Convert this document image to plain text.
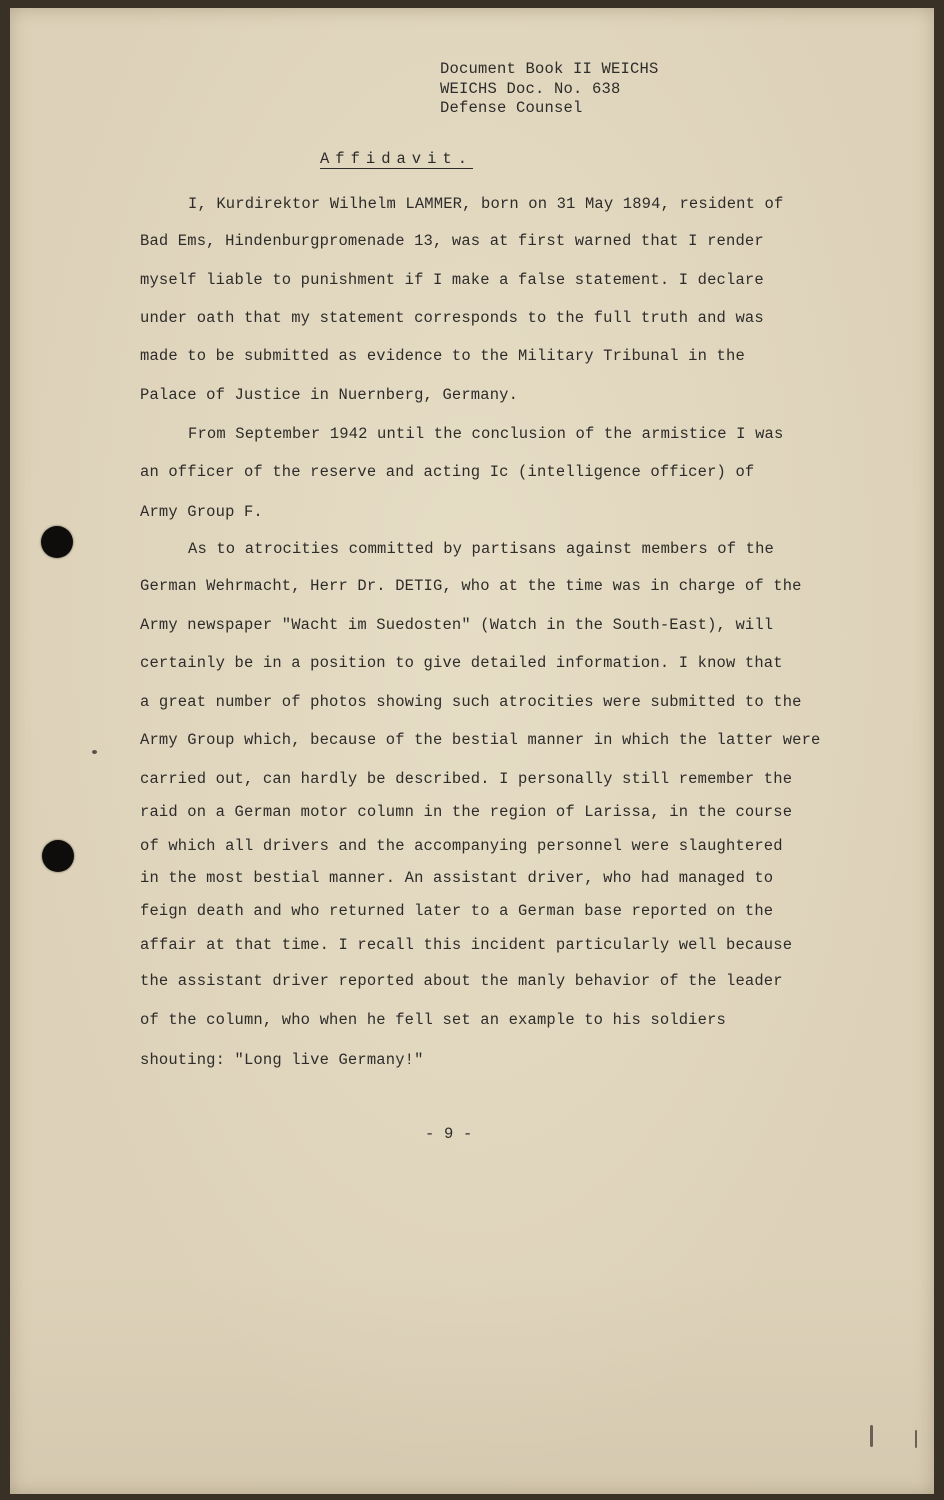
Document Book II WEICHS
WEICHS Doc. No. 638
Defense Counsel
Affidavit.
I, Kurdirektor Wilhelm LAMMER, born on 31 May 1894, resident of
Bad Ems, Hindenburgpromenade 13, was at first warned that I render
myself liable to punishment if I make a false statement. I declare
under oath that my statement corresponds to the full truth and was
made to be submitted as evidence to the Military Tribunal in the
Palace of Justice in Nuernberg, Germany.
From September 1942 until the conclusion of the armistice I was
an officer of the reserve and acting Ic (intelligence officer) of
Army Group F.
As to atrocities committed by partisans against members of the
German Wehrmacht, Herr Dr. DETIG, who at the time was in charge of the
Army newspaper "Wacht im Suedosten" (Watch in the South-East), will
certainly be in a position to give detailed information. I know that
a great number of photos showing such atrocities were submitted to the
Army Group which, because of the bestial manner in which the latter were
carried out, can hardly be described. I personally still remember the
raid on a German motor column in the region of Larissa, in the course
of which all drivers and the accompanying personnel were slaughtered
in the most bestial manner. An assistant driver, who had managed to
feign death and who returned later to a German base reported on the
affair at that time. I recall this incident particularly well because
the assistant driver reported about the manly behavior of the leader
of the column, who when he fell set an example to his soldiers
shouting: "Long live Germany!"
- 9 -
